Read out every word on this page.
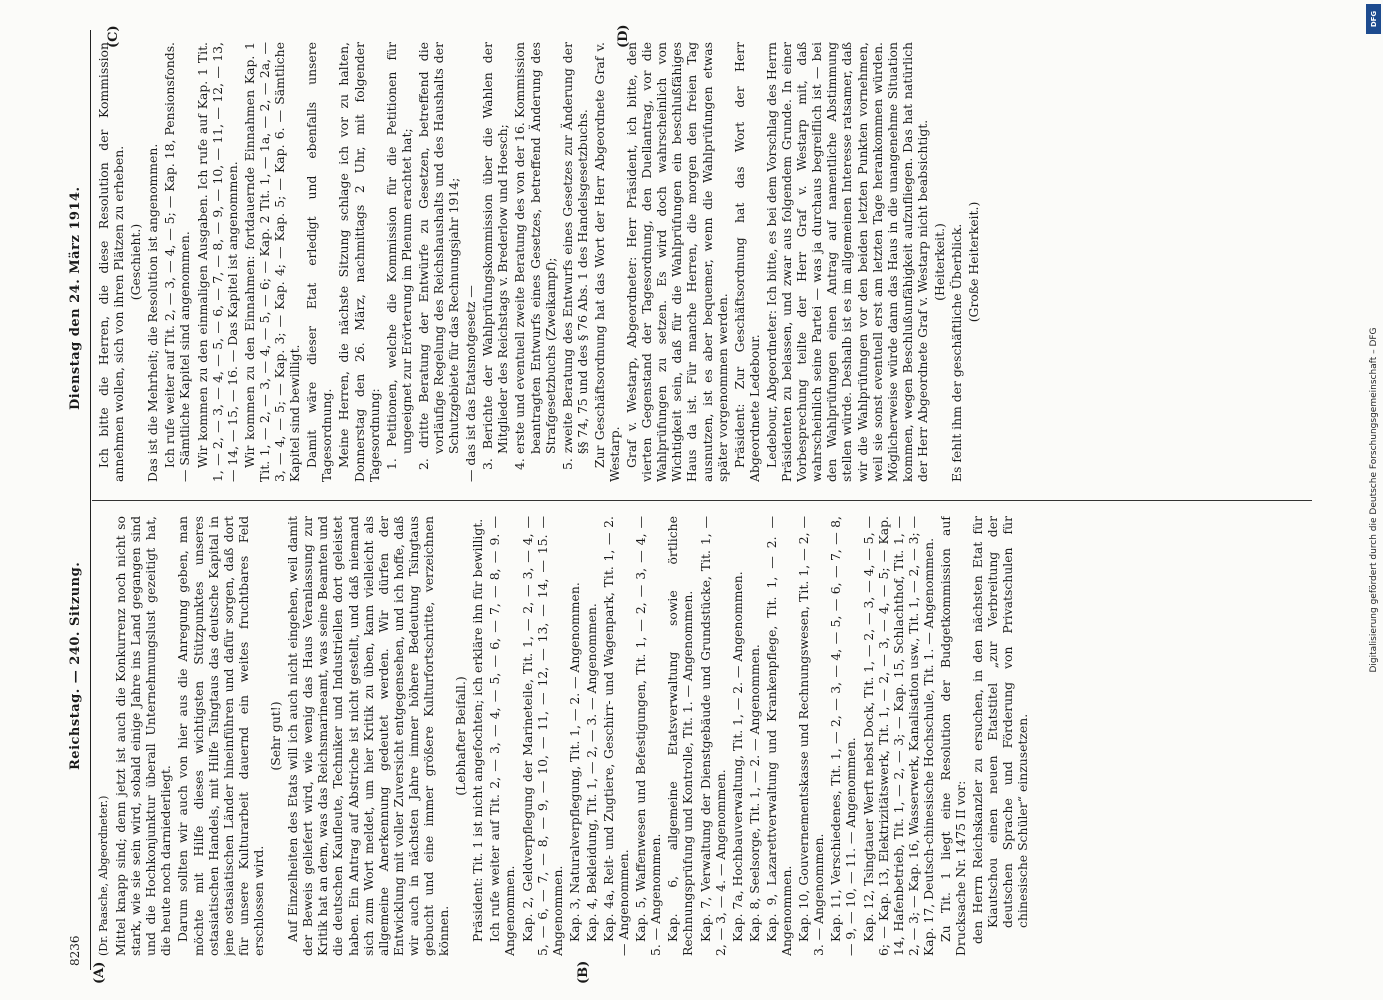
8236
Reichstag. — 240. Sitzung.
Dienstag den 24. März 1914.

(Dr. Paasche, Abgeordneter.) Mittel knapp sind; denn jetzt ist auch die Konkurrenz noch nicht so stark, wie sie sein wird, sobald einige Jahre ins Land gegangen sind und die Hochkonjunktur überall Unternehmungslust gezeitigt hat, die heute noch darniederliegt. Darum sollten wir auch von hier aus die Anregung geben, man möchte mit Hilfe dieses wichtigsten Stützpunktes unseres ostasiatischen Handels, mit Hilfe Tsingtaus das deutsche Kapital in jene ostasiatischen Länder hineinführen und dafür sorgen, daß dort für unsere Kulturarbeit dauernd ein weites fruchtbares Feld erschlossen wird.

(Sehr gut!) Auf Einzelheiten des Etats will ich auch nicht eingehen, weil damit der Beweis geliefert wird, wie wenig das Haus Veranlassung zur Kritik hat an dem, was das Reichsmarineamt, was seine Beamten und die deutschen Kaufleute, Techniker und Industriellen dort geleistet haben. Ein Antrag auf Abstriche ist nicht gestellt, und daß niemand sich zum Wort meldet, um hier Kritik zu üben, kann vielleicht als allgemeine Anerkennung gedeutet werden. Wir dürfen der Entwicklung mit voller Zuversicht entgegensehen, und ich hoffe, daß wir auch in nächsten Jahre immer höhere Bedeutung Tsingtaus gebucht und eine immer größere Kulturfortschritte, verzeichnen können.

(Lebhafter Beifall.) Präsident: Tit. 1 ist nicht angefochten; ich erkläre ihn für bewilligt. Ich rufe weiter auf Tit. 2, — 3, — 4, — 5, — 6, — 7, — 8, — 9. — Angenommen. Kap. 2, Geldverpflegung der Marineteile, Tit. 1, — 2, — 3, — 4, — 5, — 6, — 7, — 8, — 9, — 10, — 11, — 12, — 13, — 14, — 15. — Angenommen. Kap. 3, Naturalverpflegung, Tit. 1, — 2. — Angenommen. Kap. 4, Bekleidung, Tit. 1, — 2, — 3. — Angenommen. Kap. 4a, Reit- und Zugtiere, Geschirr- und Wagenpark, Tit. 1, — 2. — Angenommen. Kap. 5, Waffenwesen und Befestigungen, Tit. 1, — 2, — 3, — 4, — 5. — Angenommen. Kap. 6, allgemeine Etatsverwaltung sowie örtliche Rechnungsprüfung und Kontrolle, Tit. 1. — Angenommen. Kap. 7, Verwaltung der Dienstgebäude und Grundstücke, Tit. 1, — 2, — 3, — 4. — Angenommen. Kap. 7a, Hochbauverwaltung, Tit. 1, — 2. — Angenommen. Kap. 8, Seelsorge, Tit. 1, — 2. — Angenommen. Kap. 9, Lazarettverwaltung und Krankenpflege, Tit. 1, — 2. — Angenommen. Kap. 10, Gouvernementskasse und Rechnungswesen, Tit. 1, — 2, — 3. — Angenommen. Kap. 11, Verschiedenes, Tit. 1, — 2, — 3, — 4, — 5, — 6, — 7, — 8, — 9, — 10, — 11. — Angenommen. Kap. 12, Tsingtauer Werft nebst Dock, Tit. 1, — 2, — 3, — 4, — 5, — 6; — Kap. 13, Elektrizitätswerk, Tit. 1, — 2, — 3, — 4, — 5; — Kap. 14, Hafenbetrieb, Tit. 1, — 2, — 3; — Kap. 15, Schlachthof, Tit. 1, — 2, — 3; — Kap. 16, Wasserwerk, Kanalisation usw., Tit. 1, — 2, — 3; — Kap. 17, Deutsch-chinesische Hochschule, Tit. 1. — Angenommen. Zu Tit. 1 liegt eine Resolution der Budgetkommission auf Drucksache Nr. 1475 II vor: den Herrn Reichskanzler zu ersuchen, in den nächsten Etat für Kiautschou einen neuen Etatstitel „zur Verbreitung der deutschen Sprache und Förderung von Privatschulen für chinesische Schüler“ einzusetzen.

Ich bitte die Herren, die diese Resolution der Kommission annehmen wollen, sich von ihren Plätzen zu erheben. (Geschieht.) Das ist die Mehrheit; die Resolution ist angenommen. Ich rufe weiter auf Tit. 2, — 3, — 4, — 5; — Kap. 18, Pensionsfonds. — Sämtliche Kapitel sind angenommen. Wir kommen zu den einmaligen Ausgaben. Ich rufe auf Kap. 1 Tit. 1, — 2, — 3, — 4, — 5, — 6, — 7, — 8, — 9, — 10, — 11, — 12, — 13, — 14, — 15, — 16. — Das Kapitel ist angenommen. Wir kommen zu den Einnahmen: fortdauernde Einnahmen Kap. 1 Tit. 1, — 2, — 3, — 4, — 5, — 6; — Kap. 2 Tit. 1, — 1a, — 2, — 2a, — 3, — 4, — 5; — Kap. 3; — Kap. 4; — Kap. 5; — Kap. 6. — Sämtliche Kapitel sind bewilligt. Damit wäre dieser Etat erledigt und ebenfalls unsere Tagesordnung. Meine Herren, die nächste Sitzung schlage ich vor zu halten, Donnerstag den 26. März, nachmittags 2 Uhr, mit folgender Tagesordnung: 1. Petitionen, welche die Kommission für die Petitionen für ungeeignet zur Erörterung im Plenum erachtet hat; 2. dritte Beratung der Entwürfe zu Gesetzen, betreffend die vorläufige Regelung des Reichshaushalts und des Haushalts der Schutzgebiete für das Rechnungsjahr 1914; — das ist das Etatsnotgesetz — 3. Berichte der Wahlprüfungskommission über die Wahlen der Mitglieder des Reichstags v. Brederlow und Hoesch; 4. erste und eventuell zweite Beratung des von der 16. Kommission beantragten Entwurfs eines Gesetzes, betreffend Änderung des Strafgesetzbuchs (Zweikampf); 5. zweite Beratung des Entwurfs eines Gesetzes zur Änderung der §§ 74, 75 und des § 76 Abs. 1 des Handelsgesetzbuchs. Zur Geschäftsordnung hat das Wort der Herr Abgeordnete Graf v. Westarp. Graf v. Westarp, Abgeordneter: Herr Präsident, ich bitte, den vierten Gegenstand der Tagesordnung, den Duellantrag, vor die Wahlprüfungen zu setzen. Es wird doch wahrscheinlich von Wichtigkeit sein, daß für die Wahlprüfungen ein beschlußfähiges Haus da ist. Für manche Herren, die morgen den freien Tag ausnutzen, ist es aber bequemer, wenn die Wahlprüfungen etwas später vorgenommen werden. Präsident: Zur Geschäftsordnung hat das Wort der Herr Abgeordnete Ledebour. Ledebour, Abgeordneter: Ich bitte, es bei dem Vorschlag des Herrn Präsidenten zu belassen, und zwar aus folgendem Grunde. In einer Vorbesprechung teilte der Herr Graf v. Westarp mit, daß wahrscheinlich seine Partei — was ja durchaus begreiflich ist — bei den Wahlprüfungen einen Antrag auf namentliche Abstimmung stellen würde. Deshalb ist es im allgemeinen Interesse ratsamer, daß wir die Wahlprüfungen vor den beiden letzten Punkten vornehmen, weil sie sonst eventuell erst am letzten Tage herankommen würden. Möglicherweise würde dann das Haus in die unangenehme Situation kommen, wegen Beschlußunfähigkeit aufzufliegen. Das hat natürlich der Herr Abgeordnete Graf v. Westarp nicht beabsichtigt. (Heiterkeit.) Es fehlt ihm der geschäftliche Überblick. (Große Heiterkeit.)

(A)	(B)
(C)	(D)
DFG
Digitalisierung gefördert durch die Deutsche Forschungsgemeinschaft – DFG
